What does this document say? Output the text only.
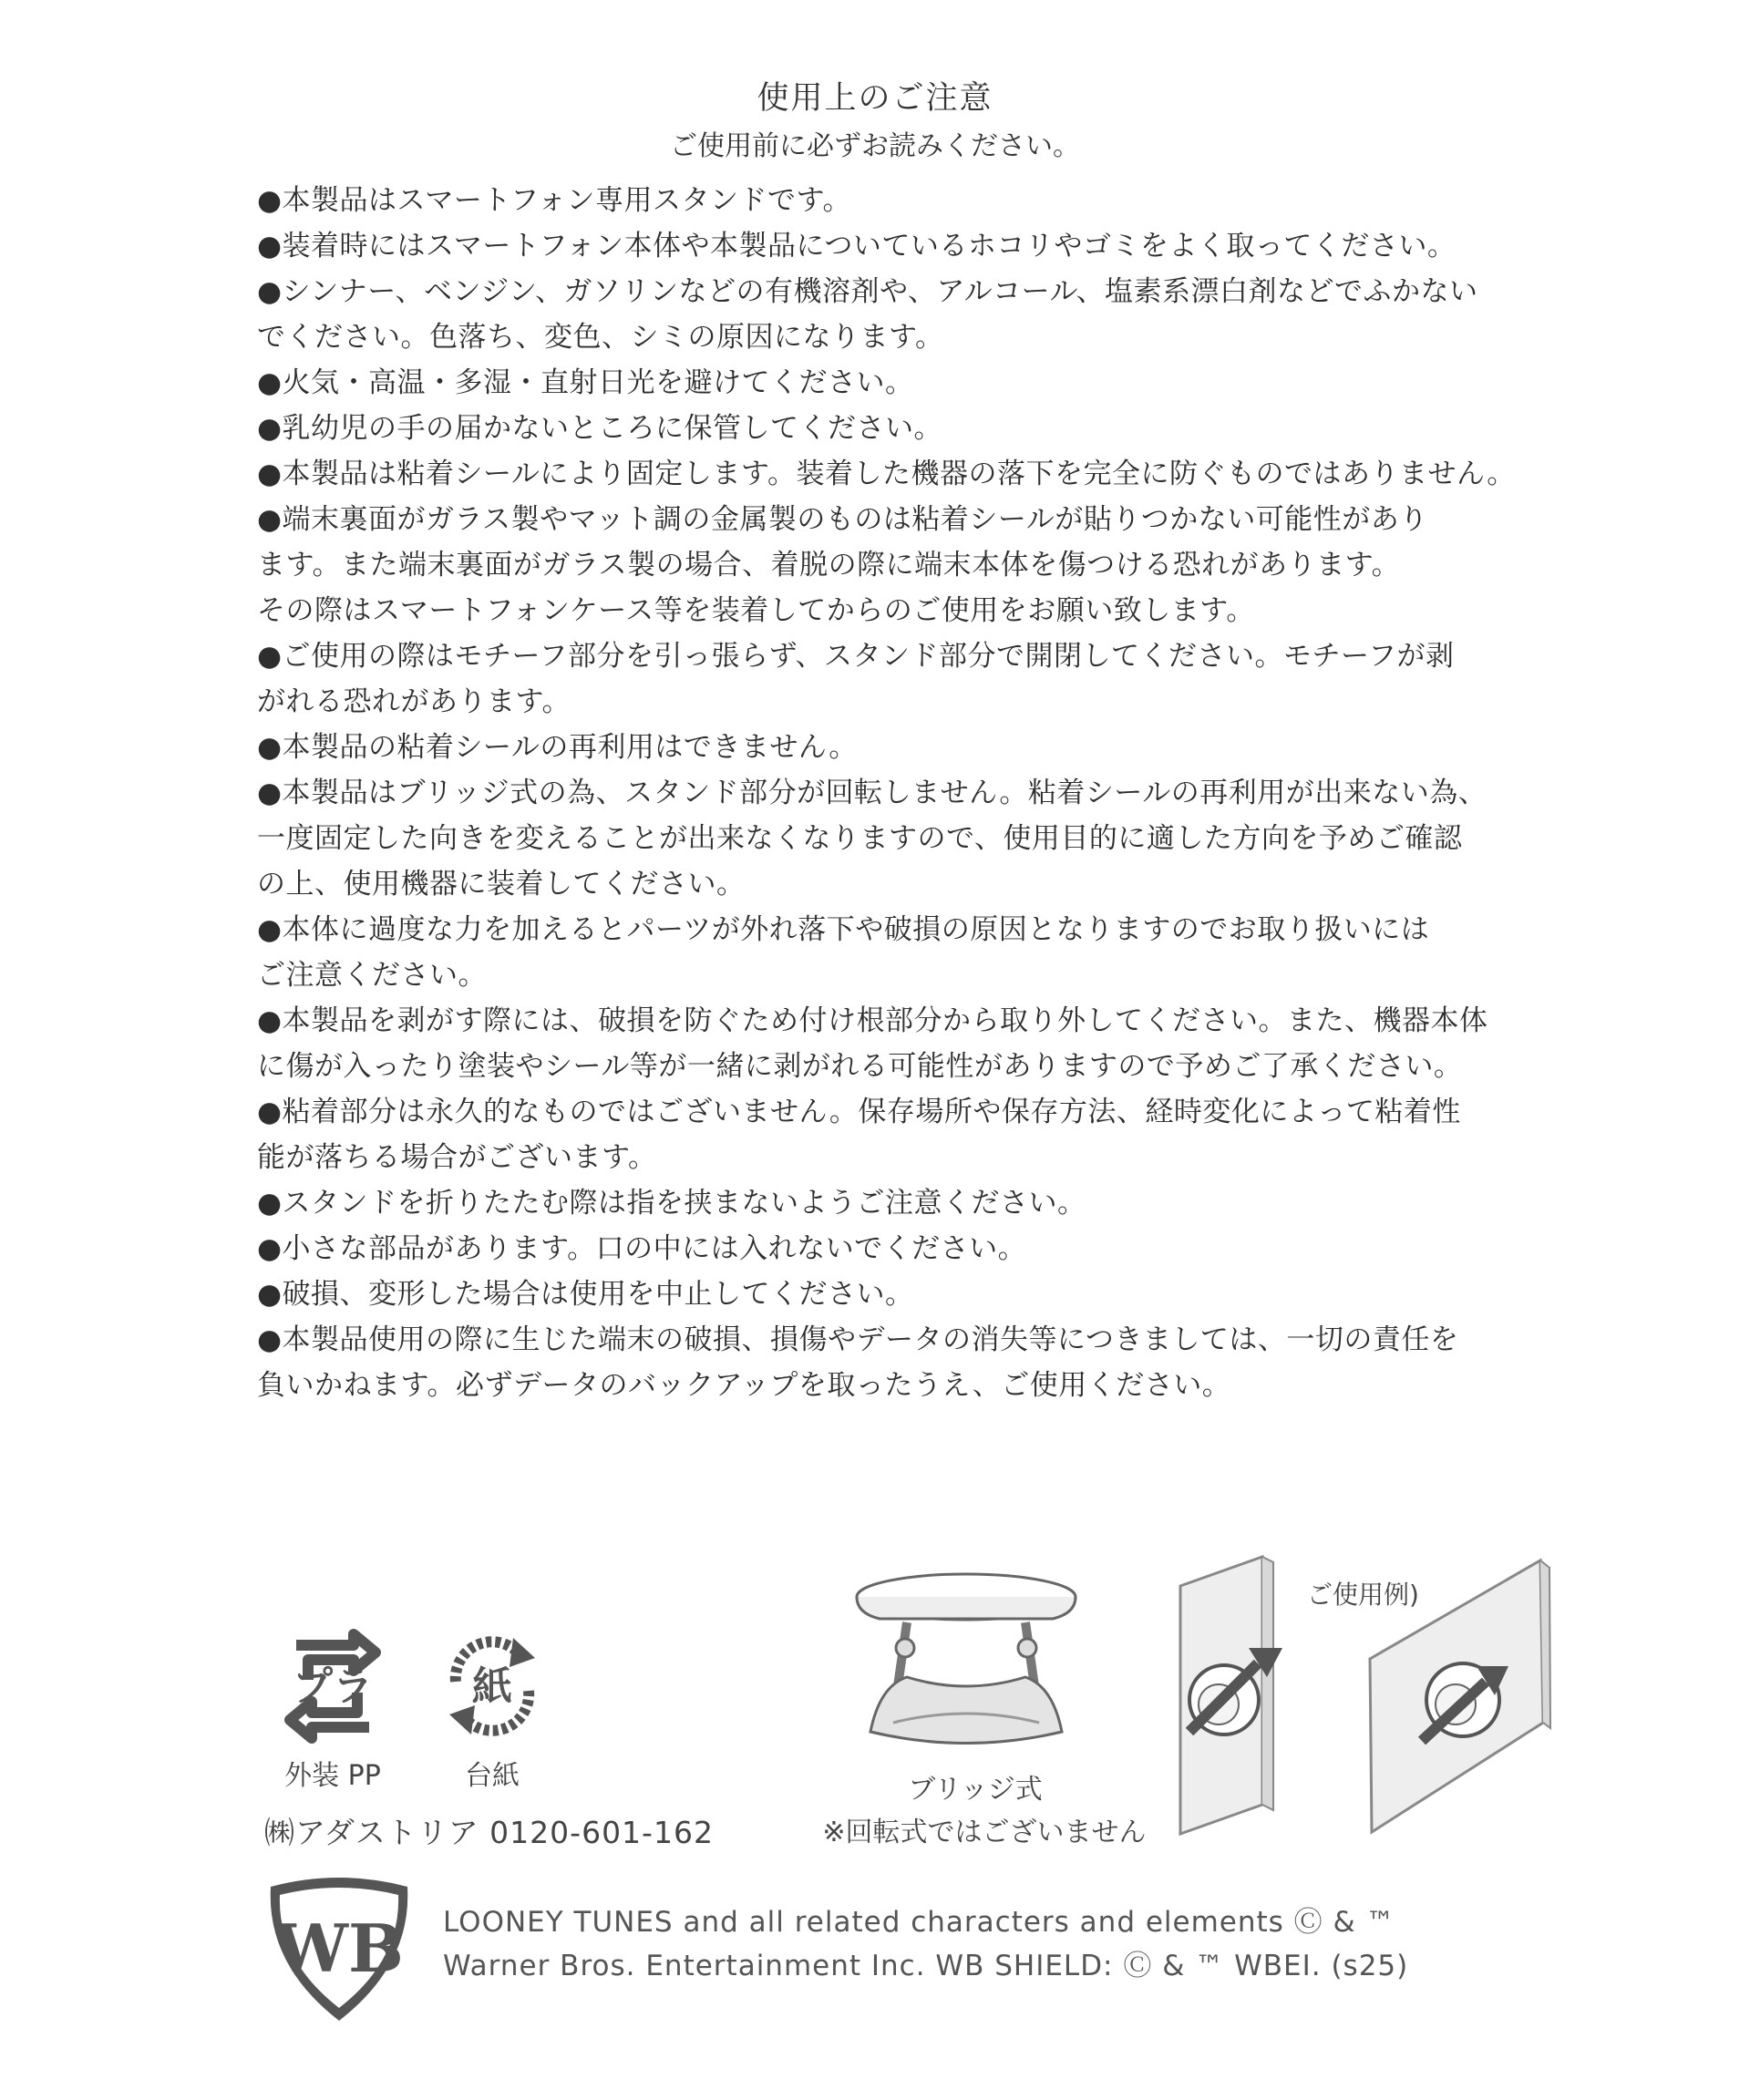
使用上のご注意
ご使用前に必ずお読みください。
●本製品はスマートフォン専用スタンドです。
●装着時にはスマートフォン本体や本製品についているホコリやゴミをよく取ってください。
●シンナー、ベンジン、ガソリンなどの有機溶剤や、アルコール、塩素系漂白剤などでふかない
でください。色落ち、変色、シミの原因になります。
●火気・高温・多湿・直射日光を避けてください。
●乳幼児の手の届かないところに保管してください。
●本製品は粘着シールにより固定します。装着した機器の落下を完全に防ぐものではありません。
●端末裏面がガラス製やマット調の金属製のものは粘着シールが貼りつかない可能性があり
ます。また端末裏面がガラス製の場合、着脱の際に端末本体を傷つける恐れがあります。
その際はスマートフォンケース等を装着してからのご使用をお願い致します。
●ご使用の際はモチーフ部分を引っ張らず、スタンド部分で開閉してください。モチーフが剥
がれる恐れがあります。
●本製品の粘着シールの再利用はできません。
●本製品はブリッジ式の為、スタンド部分が回転しません。粘着シールの再利用が出来ない為、
一度固定した向きを変えることが出来なくなりますので、使用目的に適した方向を予めご確認
の上、使用機器に装着してください。
●本体に過度な力を加えるとパーツが外れ落下や破損の原因となりますのでお取り扱いには
ご注意ください。
●本製品を剥がす際には、破損を防ぐため付け根部分から取り外してください。また、機器本体
に傷が入ったり塗装やシール等が一緒に剥がれる可能性がありますので予めご了承ください。
●粘着部分は永久的なものではございません。保存場所や保存方法、経時変化によって粘着性
能が落ちる場合がございます。
●スタンドを折りたたむ際は指を挟まないようご注意ください。
●小さな部品があります。口の中には入れないでください。
●破損、変形した場合は使用を中止してください。
●本製品使用の際に生じた端末の破損、損傷やデータの消失等につきましては、一切の責任を
負いかねます。必ずデータのバックアップを取ったうえ、ご使用ください。
プラ
外装 PP
紙
台紙
㈱アダストリア 0120-601-162
ブリッジ式
※回転式ではございません
ご使用例)
WB LOONEY TUNES and all related characters and elements Ⓒ & ™
Warner Bros. Entertainment Inc. WB SHIELD: Ⓒ & ™ WBEI. (s25)
